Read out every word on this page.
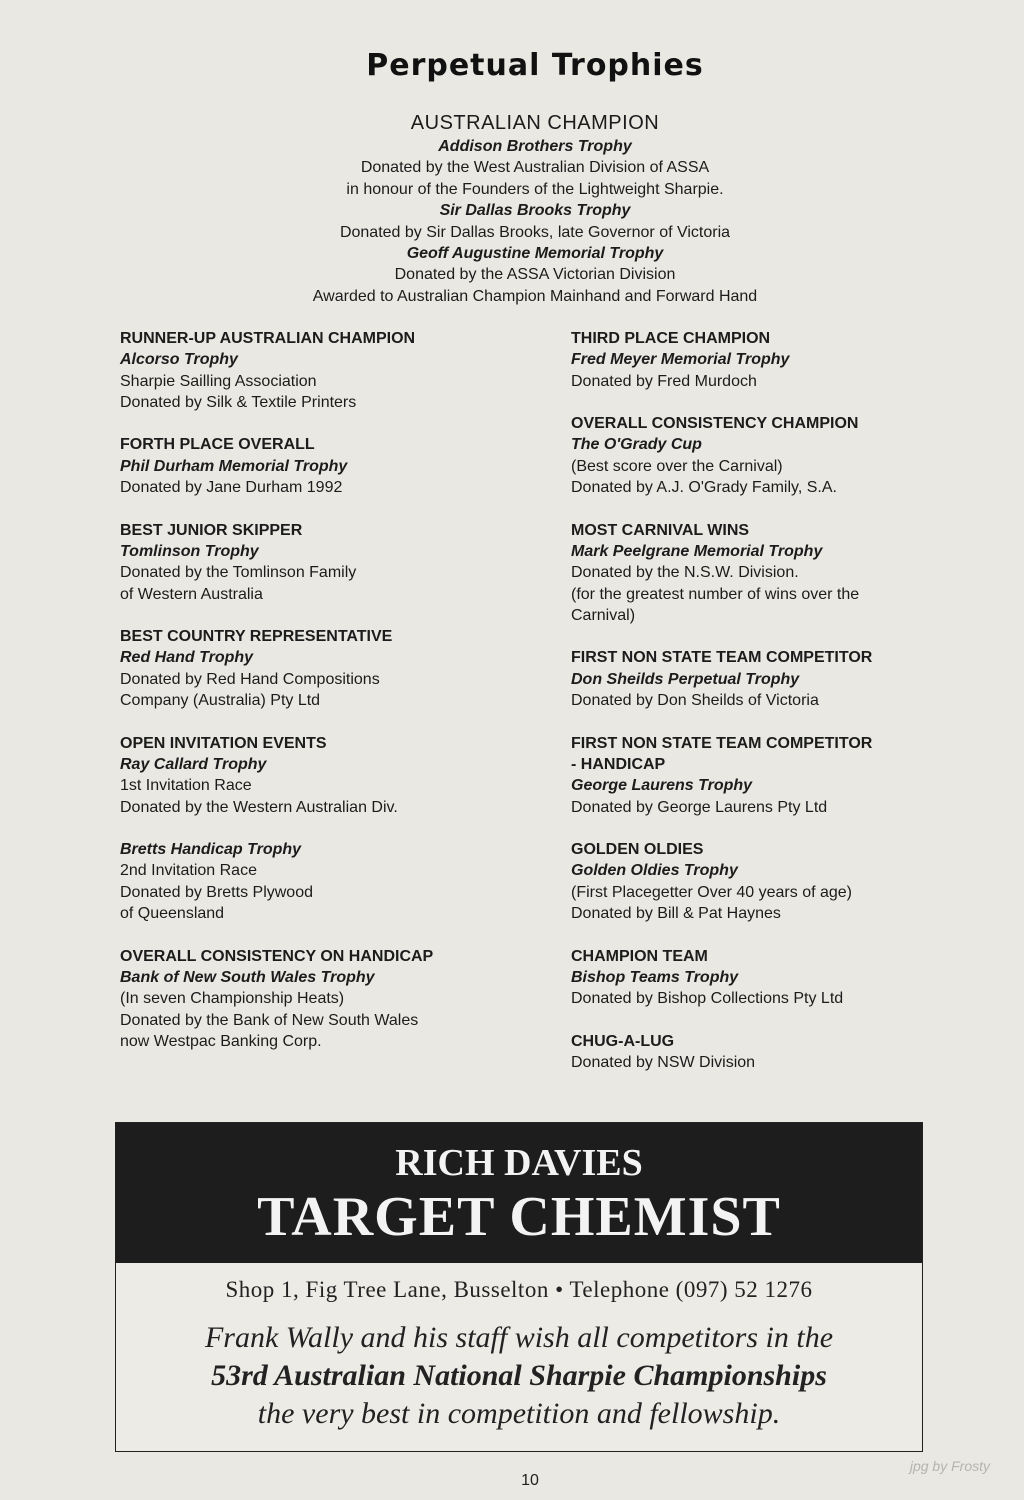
Perpetual Trophies
AUSTRALIAN CHAMPION
Addison Brothers Trophy
Donated by the West Australian Division of ASSA
in honour of the Founders of the Lightweight Sharpie.
Sir Dallas Brooks Trophy
Donated by Sir Dallas Brooks, late Governor of Victoria
Geoff Augustine Memorial Trophy
Donated by the ASSA Victorian Division
Awarded to Australian Champion Mainhand and Forward Hand
RUNNER-UP AUSTRALIAN CHAMPION
Alcorso Trophy
Sharpie Sailling Association
Donated by Silk & Textile Printers
FORTH PLACE OVERALL
Phil Durham Memorial Trophy
Donated by Jane Durham 1992
BEST JUNIOR SKIPPER
Tomlinson Trophy
Donated by the Tomlinson Family
of Western Australia
BEST COUNTRY REPRESENTATIVE
Red Hand Trophy
Donated by Red Hand Compositions
Company (Australia) Pty Ltd
OPEN INVITATION EVENTS
Ray Callard Trophy
1st Invitation Race
Donated by the Western Australian Div.
Bretts Handicap Trophy
2nd Invitation Race
Donated by Bretts Plywood
of Queensland
OVERALL CONSISTENCY ON HANDICAP
Bank of New South Wales Trophy
(In seven Championship Heats)
Donated by the Bank of New South Wales
now Westpac Banking Corp.
THIRD PLACE CHAMPION
Fred Meyer Memorial Trophy
Donated by Fred Murdoch
OVERALL CONSISTENCY CHAMPION
The O'Grady Cup
(Best score over the Carnival)
Donated by A.J. O'Grady Family, S.A.
MOST CARNIVAL WINS
Mark Peelgrane Memorial Trophy
Donated by the N.S.W. Division.
(for the greatest number of wins over the
Carnival)
FIRST NON STATE TEAM COMPETITOR
Don Sheilds Perpetual Trophy
Donated by Don Sheilds of Victoria
FIRST NON STATE TEAM COMPETITOR
- HANDICAP
George Laurens Trophy
Donated by George Laurens Pty Ltd
GOLDEN OLDIES
Golden Oldies Trophy
(First Placegetter Over 40 years of age)
Donated by Bill & Pat Haynes
CHAMPION TEAM
Bishop Teams Trophy
Donated by Bishop Collections Pty Ltd
CHUG-A-LUG
Donated by NSW Division
RICH DAVIES
TARGET CHEMIST
Shop 1, Fig Tree Lane, Busselton • Telephone (097) 52 1276
Frank Wally and his staff wish all competitors in the
53rd Australian National Sharpie Championships
the very best in competition and fellowship.
10
jpg by Frosty
